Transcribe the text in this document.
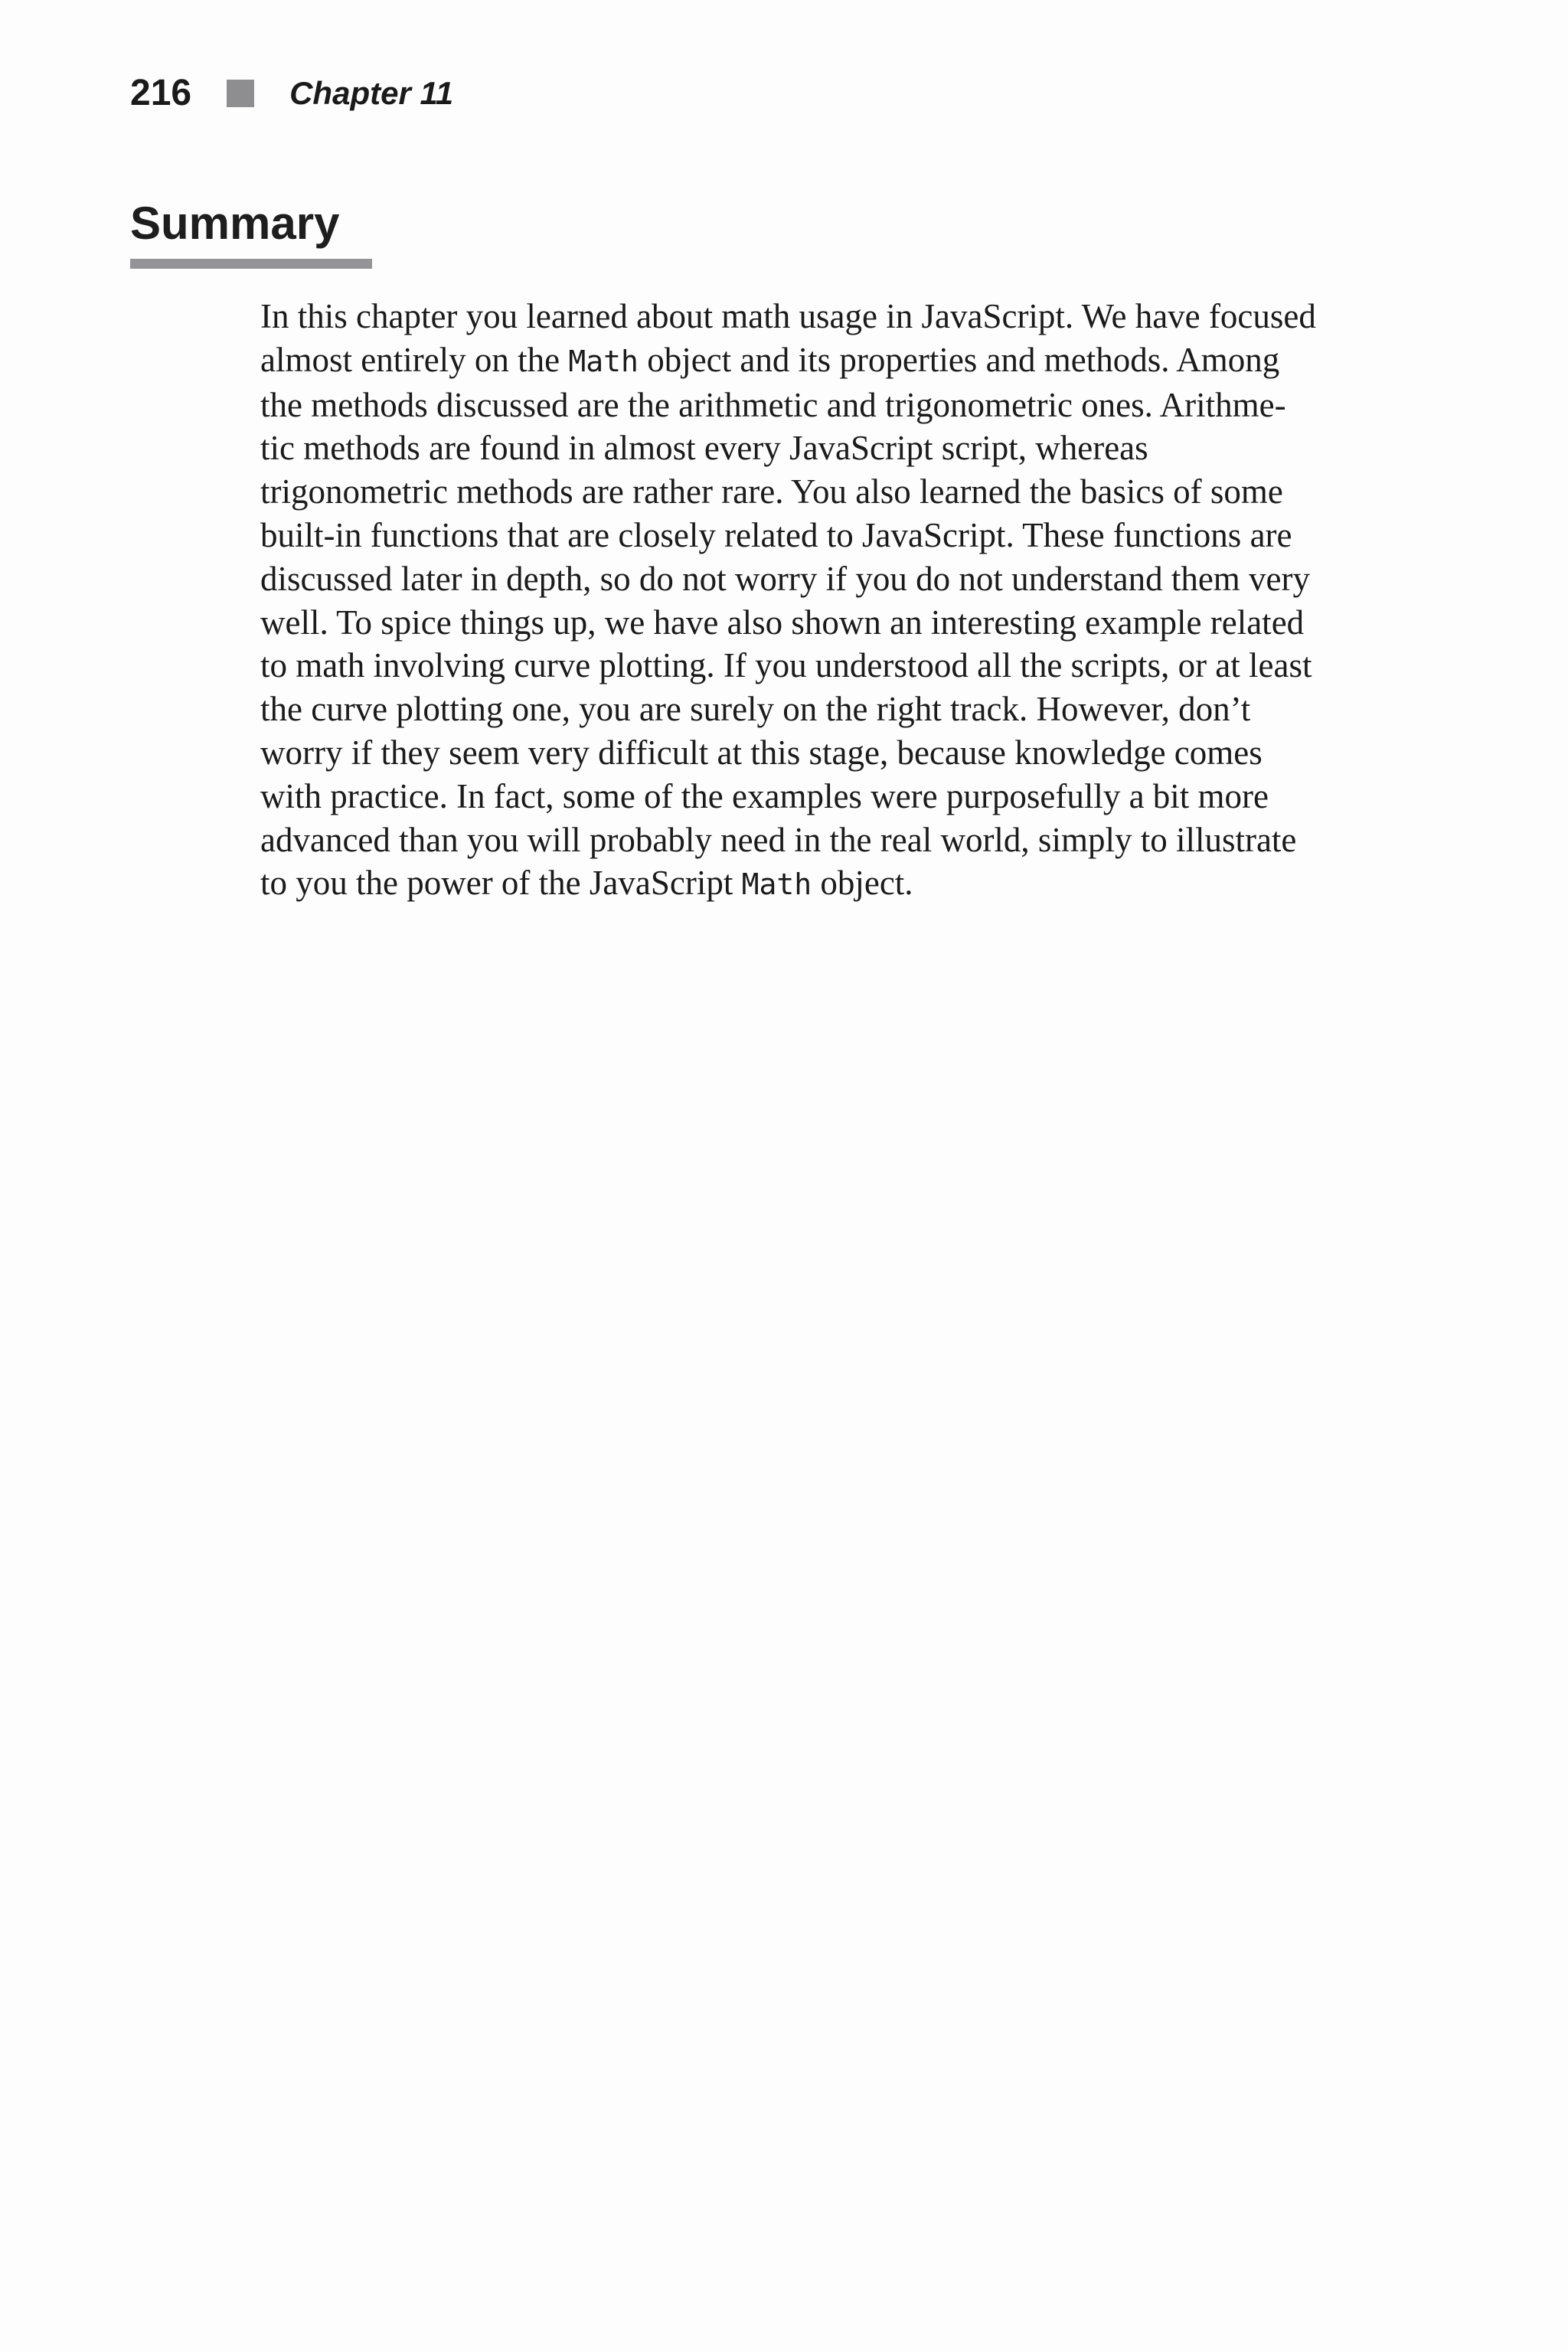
216	Chapter 11
Summary
In this chapter you learned about math usage in JavaScript. We have focused
almost entirely on the Math object and its properties and methods. Among
the methods discussed are the arithmetic and trigonometric ones. Arithme-
tic methods are found in almost every JavaScript script, whereas
trigonometric methods are rather rare. You also learned the basics of some
built-in functions that are closely related to JavaScript. These functions are
discussed later in depth, so do not worry if you do not understand them very
well. To spice things up, we have also shown an interesting example related
to math involving curve plotting. If you understood all the scripts, or at least
the curve plotting one, you are surely on the right track. However, don’t
worry if they seem very difficult at this stage, because knowledge comes
with practice. In fact, some of the examples were purposefully a bit more
advanced than you will probably need in the real world, simply to illustrate
to you the power of the JavaScript Math object.
